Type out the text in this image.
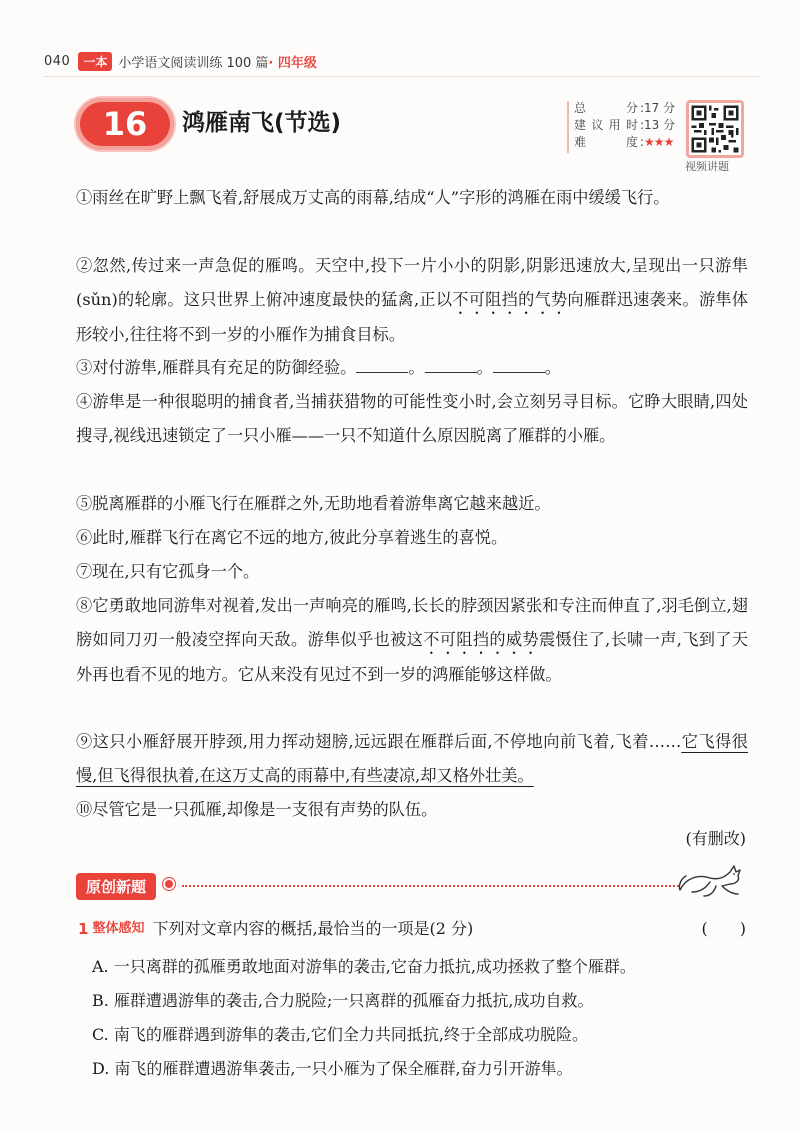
040	一本 小学语文阅读训练 100 篇 · 四年级
16	鸿雁南飞(节选)
总　分 :17 分
建议用时 :13 分
难　度 : ★★★
视频讲题
①雨丝在旷野上飘飞着,舒展成万丈高的雨幕,结成“人”字形的鸿雁在雨中缓缓飞行。
②忽然,传过来一声急促的雁鸣。天空中,投下一片小小的阴影,阴影迅速放大,呈现出一只游隼(sǔn)的轮廓。这只世界上俯冲速度最快的猛禽,正以不可阻挡的气势向雁群迅速袭来。游隼体形较小,往往将不到一岁的小雁作为捕食目标。
③对付游隼,雁群具有充足的防御经验。	。	。	。
④游隼是一种很聪明的捕食者,当捕获猎物的可能性变小时,会立刻另寻目标。它睁大眼睛,四处搜寻,视线迅速锁定了一只小雁——一只不知道什么原因脱离了雁群的小雁。
⑤脱离雁群的小雁飞行在雁群之外,无助地看着游隼离它越来越近。
⑥此时,雁群飞行在离它不远的地方,彼此分享着逃生的喜悦。
⑦现在,只有它孤身一个。
⑧它勇敢地同游隼对视着,发出一声响亮的雁鸣,长长的脖颈因紧张和专注而伸直了,羽毛倒立,翅膀如同刀刃一般凌空挥向天敌。游隼似乎也被这不可阻挡的威势震慑住了,长啸一声,飞到了天外再也看不见的地方。它从来没有见过不到一岁的鸿雁能够这样做。
⑨这只小雁舒展开脖颈,用力挥动翅膀,远远跟在雁群后面,不停地向前飞着,飞着……它飞得很慢,但飞得很执着,在这万丈高的雨幕中,有些凄凉,却又格外壮美。
⑩尽管它是一只孤雁,却像是一支很有声势的队伍。
(有删改)
原创新题
1 整体感知 下列对文章内容的概括,最恰当的一项是(2 分)	(　　)
A. 一只离群的孤雁勇敢地面对游隼的袭击,它奋力抵抗,成功拯救了整个雁群。
B. 雁群遭遇游隼的袭击,合力脱险;一只离群的孤雁奋力抵抗,成功自救。
C. 南飞的雁群遇到游隼的袭击,它们全力共同抵抗,终于全部成功脱险。
D. 南飞的雁群遭遇游隼袭击,一只小雁为了保全雁群,奋力引开游隼。
